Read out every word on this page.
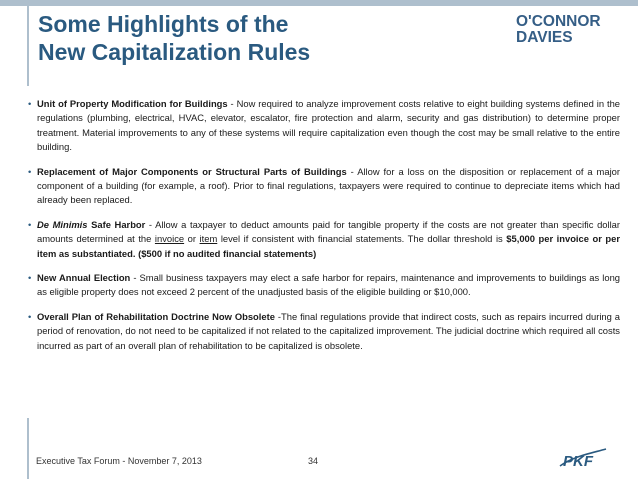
Some Highlights of the
New Capitalization Rules
O'CONNOR
DAVIES

• Unit of Property Modification for Buildings - Now required to analyze improvement costs relative to eight building systems defined in the regulations (plumbing, electrical, HVAC, elevator, escalator, fire protection and alarm, security and gas distribution) to determine proper treatment. Material improvements to any of these systems will require capitalization even though the cost may be small relative to the entire building.

• Replacement of Major Components or Structural Parts of Buildings - Allow for a loss on the disposition or replacement of a major component of a building (for example, a roof). Prior to final regulations, taxpayers were required to continue to depreciate items which had already been replaced.

• De Minimis Safe Harbor - Allow a taxpayer to deduct amounts paid for tangible property if the costs are not greater than specific dollar amounts determined at the invoice or item level if consistent with financial statements. The dollar threshold is $5,000 per invoice or per item as substantiated. ($500 if no audited financial statements)

• New Annual Election - Small business taxpayers may elect a safe harbor for repairs, maintenance and improvements to buildings as long as eligible property does not exceed 2 percent of the unadjusted basis of the eligible building or $10,000.

• Overall Plan of Rehabilitation Doctrine Now Obsolete -The final regulations provide that indirect costs, such as repairs incurred during a period of renovation, do not need to be capitalized if not related to the capitalized improvement. The judicial doctrine which required all costs incurred as part of an overall plan of rehabilitation to be capitalized is obsolete.

Executive Tax Forum - November 7, 2013	34	PKF
